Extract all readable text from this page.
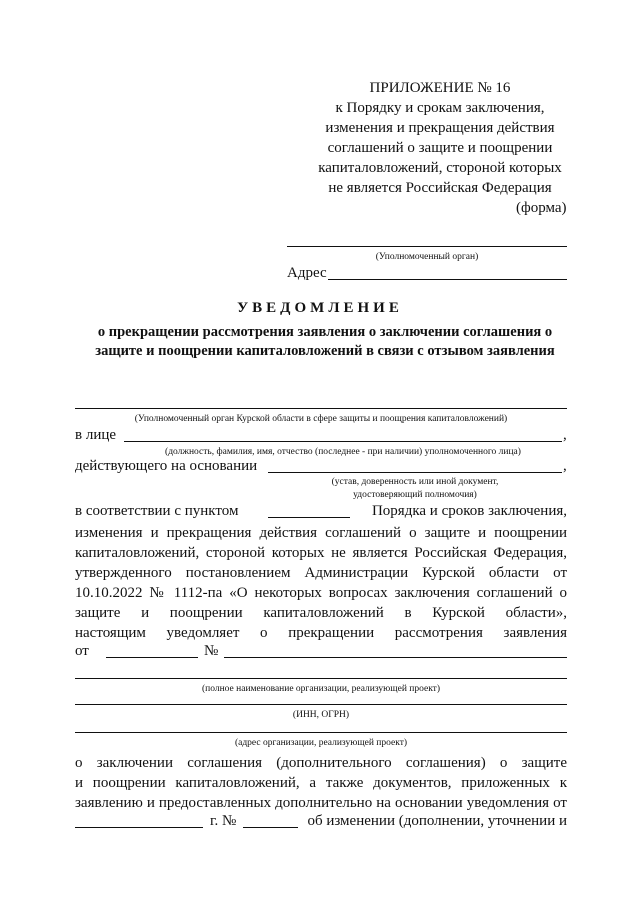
ПРИЛОЖЕНИЕ № 16
к Порядку и срокам заключения,
изменения и прекращения действия
соглашений о защите и поощрении
капиталовложений, стороной которых
не является Российская Федерация
(форма)
(Уполномоченный орган)
Адрес
УВЕДОМЛЕНИЕ
о прекращении рассмотрения заявления о заключении соглашения о защите и поощрении капиталовложений в связи с отзывом заявления
(Уполномоченный орган Курской области в сфере защиты и поощрения капиталовложений)
в лице	,
(должность, фамилия, имя, отчество (последнее - при наличии) уполномоченного лица)
действующего на основании	,
(устав, доверенность или иной документ,
удостоверяющий полномочия)
в соответствии с пунктом	Порядка и сроков заключения,
изменения и прекращения действия соглашений о защите и поощрении
капиталовложений, стороной которых не является Российская Федерация,
утвержденного постановлением Администрации Курской области от
10.10.2022 № 1112-па «О некоторых вопросах заключения соглашений о
защите и поощрении капиталовложений в Курской области»,
настоящим уведомляет о прекращении рассмотрения заявления
от	№
(полное наименование организации, реализующей проект)
(ИНН, ОГРН)
(адрес организации, реализующей проект)
о заключении соглашения (дополнительного соглашения) о защите
и поощрении капиталовложений, а также документов, приложенных к
заявлению и предоставленных дополнительно на основании уведомления от
г. №	об изменении (дополнении, уточнении и
